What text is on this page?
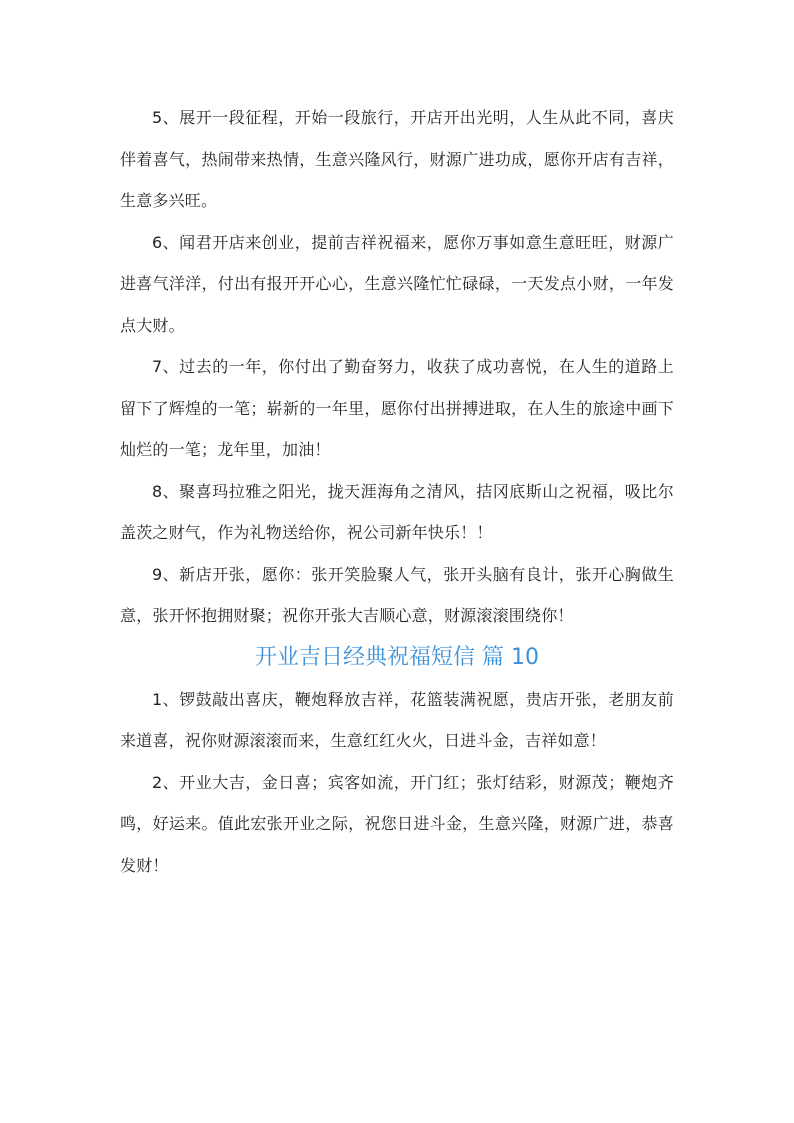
5、展开一段征程，开始一段旅行，开店开出光明，人生从此不同，喜庆伴着喜气，热闹带来热情，生意兴隆风行，财源广进功成，愿你开店有吉祥，生意多兴旺。

6、闻君开店来创业，提前吉祥祝福来，愿你万事如意生意旺旺，财源广进喜气洋洋，付出有报开开心心，生意兴隆忙忙碌碌，一天发点小财，一年发点大财。

7、过去的一年，你付出了勤奋努力，收获了成功喜悦，在人生的道路上留下了辉煌的一笔；崭新的一年里，愿你付出拼搏进取，在人生的旅途中画下灿烂的一笔；龙年里，加油！

8、聚喜玛拉雅之阳光，拢天涯海角之清风，拮冈底斯山之祝福，吸比尔盖茨之财气，作为礼物送给你，祝公司新年快乐！！

9、新店开张，愿你：张开笑脸聚人气，张开头脑有良计，张开心胸做生意，张开怀抱拥财聚；祝你开张大吉顺心意，财源滚滚围绕你！

开业吉日经典祝福短信 篇 10

1、锣鼓敲出喜庆，鞭炮释放吉祥，花篮装满祝愿，贵店开张，老朋友前来道喜，祝你财源滚滚而来，生意红红火火，日进斗金，吉祥如意！

2、开业大吉，金日喜；宾客如流，开门红；张灯结彩，财源茂；鞭炮齐鸣，好运来。值此宏张开业之际，祝您日进斗金，生意兴隆，财源广进，恭喜发财！
